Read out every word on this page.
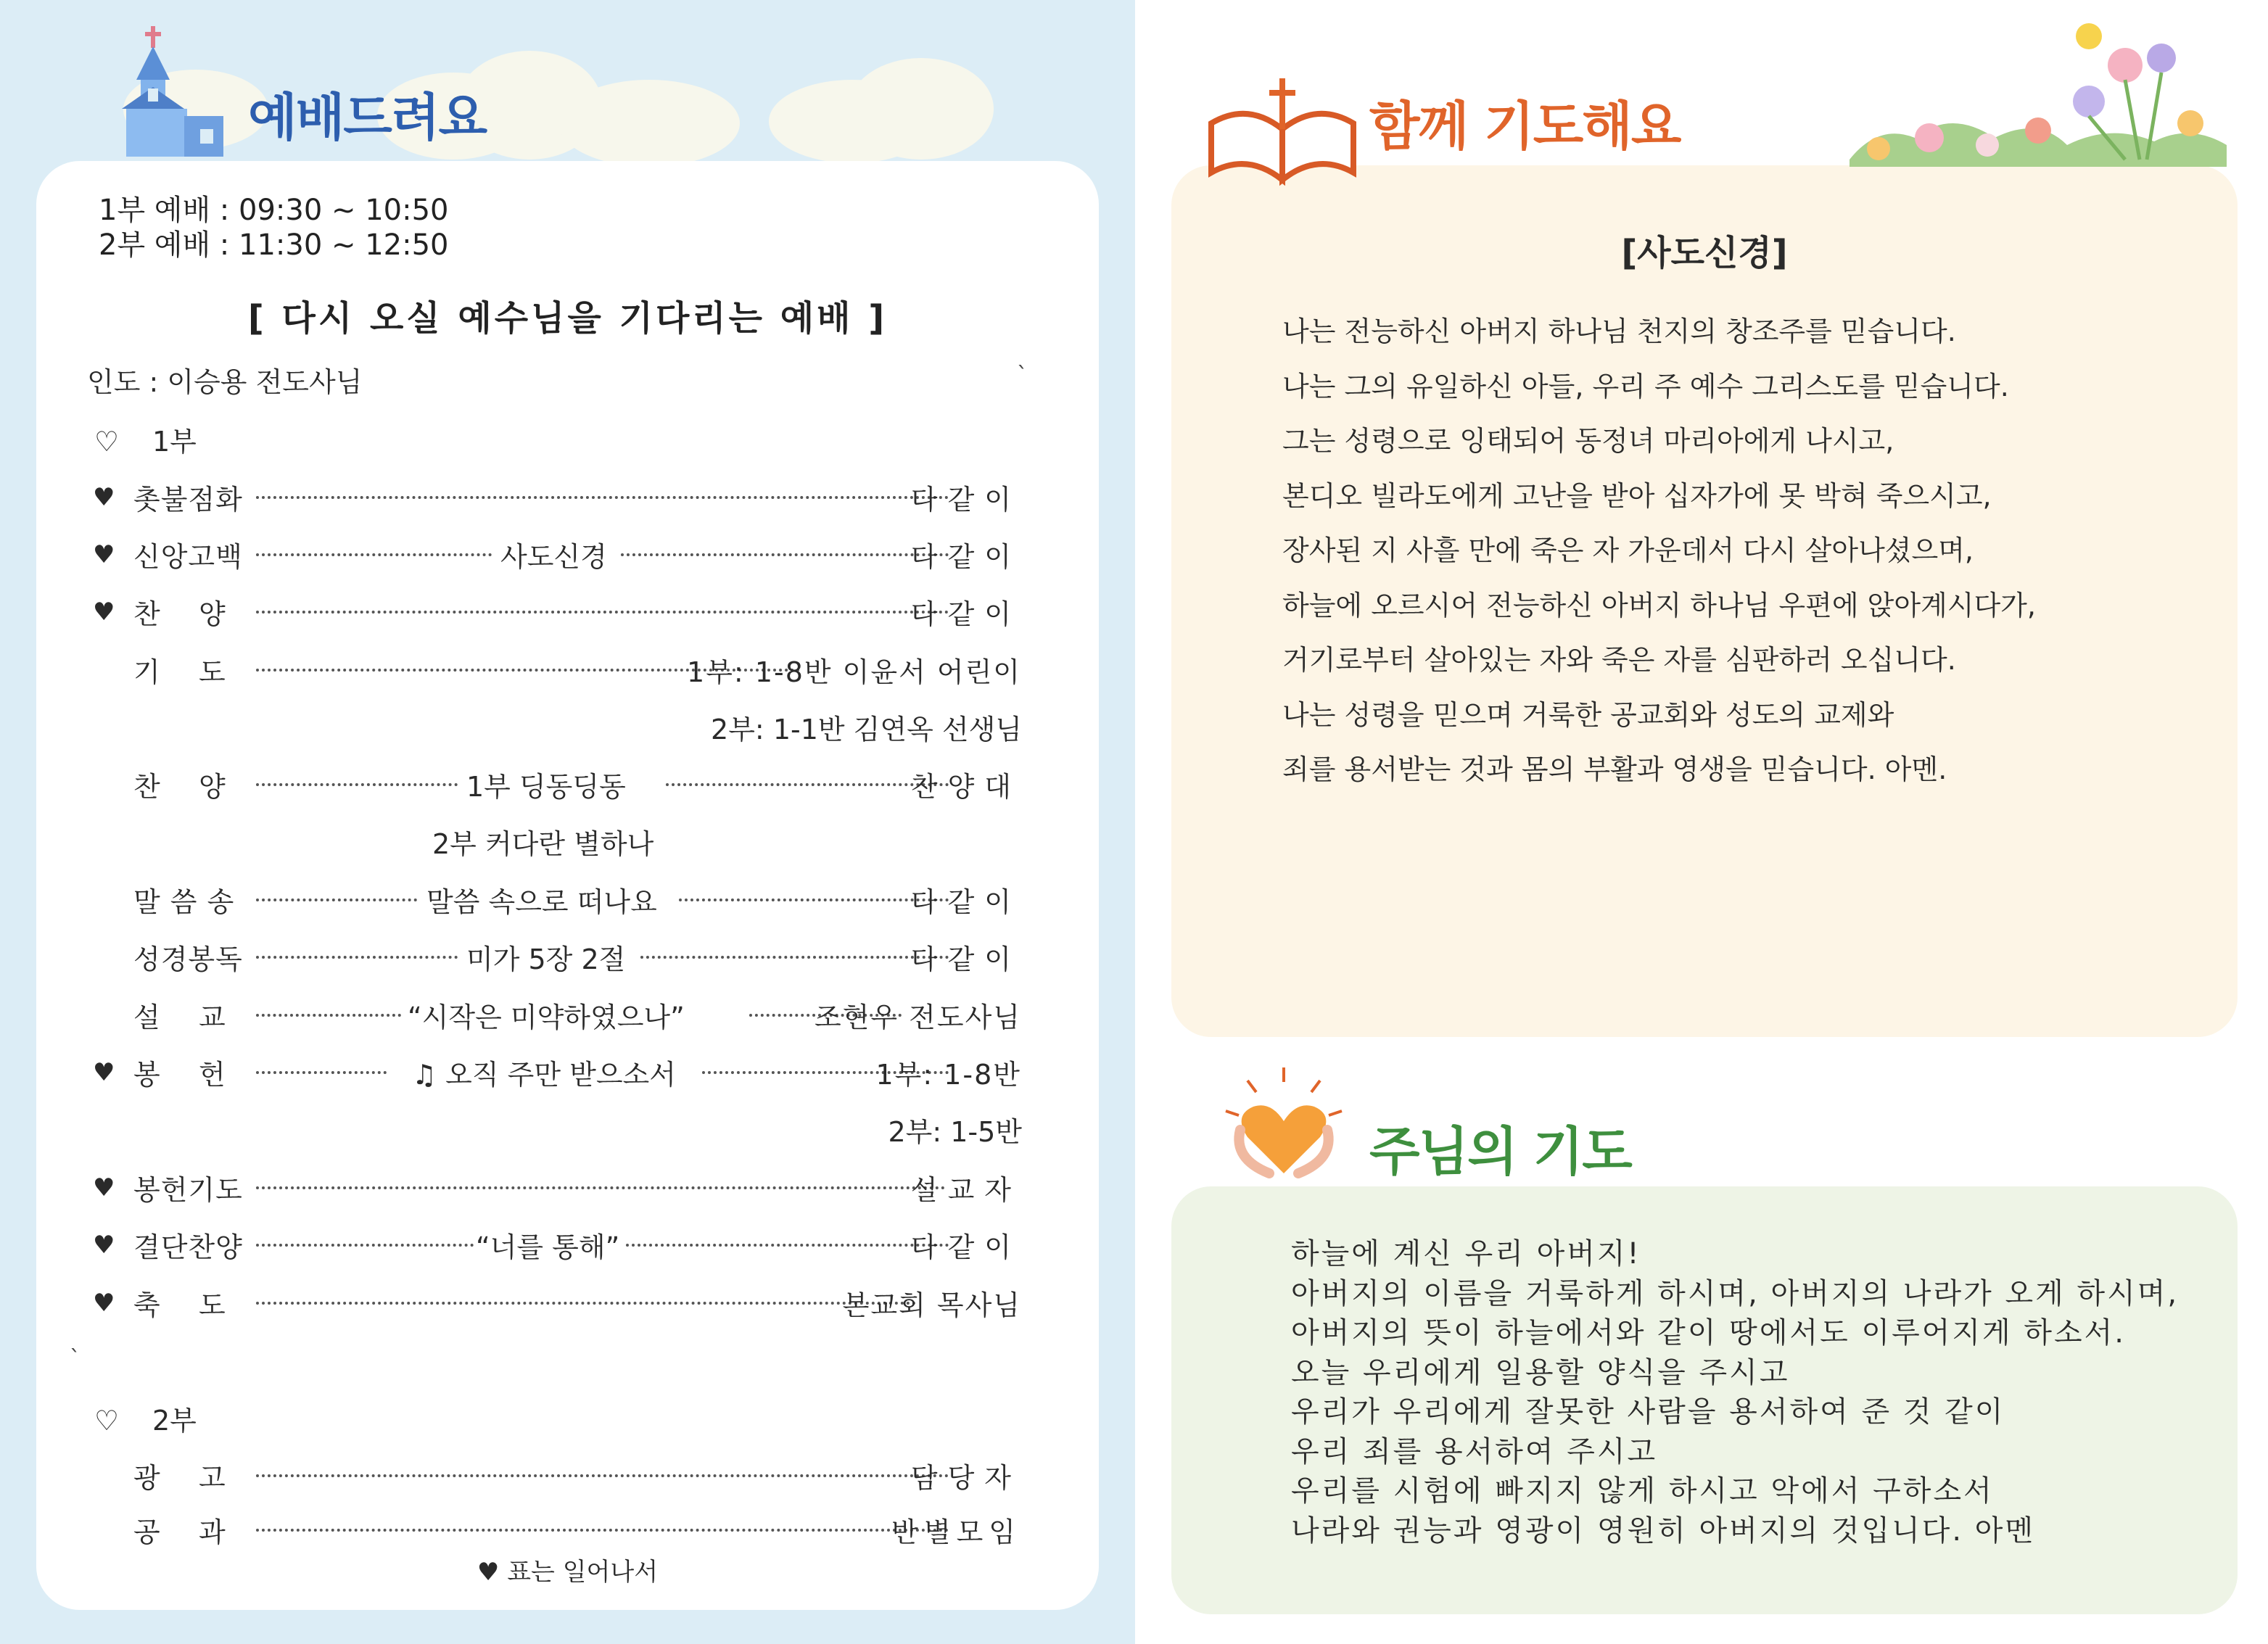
예배드려요
1부 예배 : 09:30 ~ 10:50
2부 예배 : 11:30 ~ 12:50
[ 다시 오실 예수님을 기다리는 예배 ]
인도 : 이승용 전도사님	`
♡ 1부
♥ 촛불점화	다같이
♥ 신앙고백	사도신경	다같이
♥ 찬    양	다같이
기    도	1부: 1-8반 이윤서 어린이
2부: 1-1반 김연옥 선생님
찬    양	1부 딩동딩동	찬양대
2부 커다란 별하나
말 씀 송	말씀 속으로 떠나요	다같이
성경봉독	미가 5장 2절	다같이
설    교	“시작은 미약하였으나”	조현우 전도사님
♥ 봉    헌	♫ 오직 주만 받으소서	1부: 1-8반
2부: 1-5반
♥ 봉헌기도	설교자
♥ 결단찬양	“너를 통해”	다같이
♥ 축    도	본교회 목사님
`
♡ 2부
광    고	담당자
공    과	반별모임
♥ 표는 일어나서
함께 기도해요
[사도신경]
나는 전능하신 아버지 하나님 천지의 창조주를 믿습니다.
나는 그의 유일하신 아들, 우리 주 예수 그리스도를 믿습니다.
그는 성령으로 잉태되어 동정녀 마리아에게 나시고,
본디오 빌라도에게 고난을 받아 십자가에 못 박혀 죽으시고,
장사된 지 사흘 만에 죽은 자 가운데서 다시 살아나셨으며,
하늘에 오르시어 전능하신 아버지 하나님 우편에 앉아계시다가,
거기로부터 살아있는 자와 죽은 자를 심판하러 오십니다.
나는 성령을 믿으며 거룩한 공교회와 성도의 교제와
죄를 용서받는 것과 몸의 부활과 영생을 믿습니다. 아멘.
주님의 기도
하늘에 계신 우리 아버지!
아버지의 이름을 거룩하게 하시며, 아버지의 나라가 오게 하시며,
아버지의 뜻이 하늘에서와 같이 땅에서도 이루어지게 하소서.
오늘 우리에게 일용할 양식을 주시고
우리가 우리에게 잘못한 사람을 용서하여 준 것 같이
우리 죄를 용서하여 주시고
우리를 시험에 빠지지 않게 하시고 악에서 구하소서
나라와 권능과 영광이 영원히 아버지의 것입니다. 아멘
